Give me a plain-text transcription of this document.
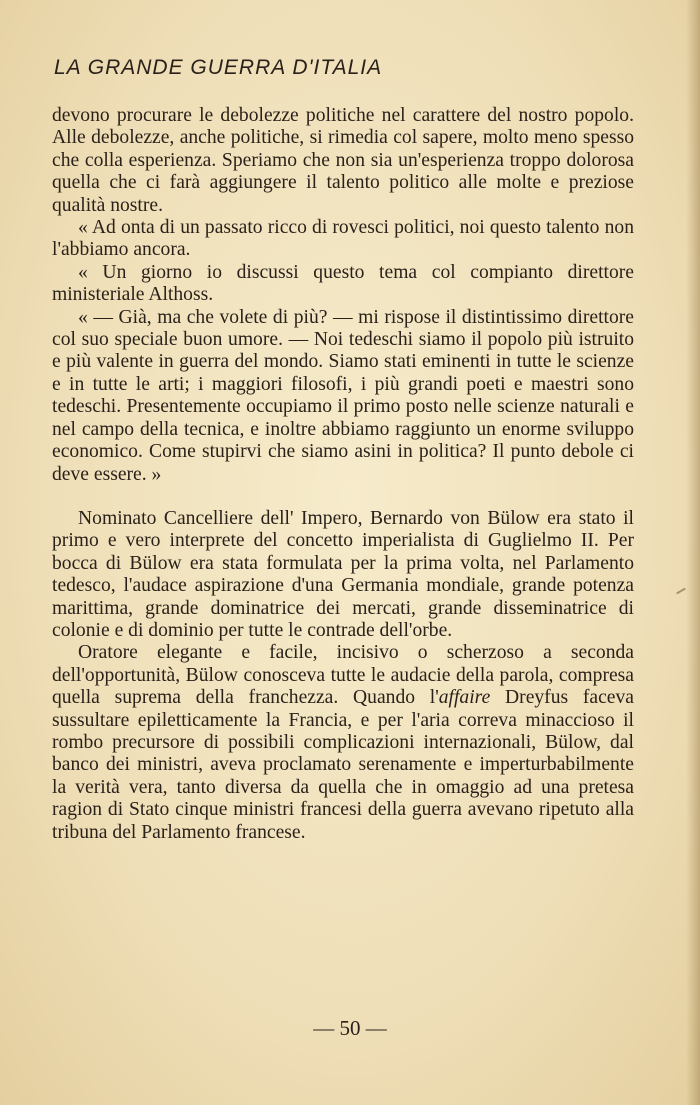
LA GRANDE GUERRA D'ITALIA

devono procurare le debolezze politiche nel carattere del nostro popolo. Alle debolezze, anche politiche, si rimedia col sapere, molto meno spesso che colla esperienza. Speriamo che non sia un'esperienza troppo dolorosa quella che ci farà aggiungere il talento politico alle molte e preziose qualità nostre.

« Ad onta di un passato ricco di rovesci politici, noi questo talento non l'abbiamo ancora.

« Un giorno io discussi questo tema col compianto direttore ministeriale Althoss.

« — Già, ma che volete di più? — mi rispose il distintissimo direttore col suo speciale buon umore. — Noi tedeschi siamo il popolo più istruito e più valente in guerra del mondo. Siamo stati eminenti in tutte le scienze e in tutte le arti; i maggiori filosofi, i più grandi poeti e maestri sono tedeschi. Presentemente occupiamo il primo posto nelle scienze naturali e nel campo della tecnica, e inoltre abbiamo raggiunto un enorme sviluppo economico. Come stupirvi che siamo asini in politica? Il punto debole ci deve essere. »

Nominato Cancelliere dell' Impero, Bernardo von Bülow era stato il primo e vero interprete del concetto imperialista di Guglielmo II. Per bocca di Bülow era stata formulata per la prima volta, nel Parlamento tedesco, l'audace aspirazione d'una Germania mondiale, grande potenza marittima, grande dominatrice dei mercati, grande disseminatrice di colonie e di dominio per tutte le contrade dell'orbe.

Oratore elegante e facile, incisivo o scherzoso a seconda dell'opportunità, Bülow conosceva tutte le audacie della parola, compresa quella suprema della franchezza. Quando l'affaire Dreyfus faceva sussultare epiletticamente la Francia, e per l'aria correva minaccioso il rombo precursore di possibili complicazioni internazionali, Bülow, dal banco dei ministri, aveva proclamato serenamente e imperturbabilmente la verità vera, tanto diversa da quella che in omaggio ad una pretesa ragion di Stato cinque ministri francesi della guerra avevano ripetuto alla tribuna del Parlamento francese.

— 50 —
